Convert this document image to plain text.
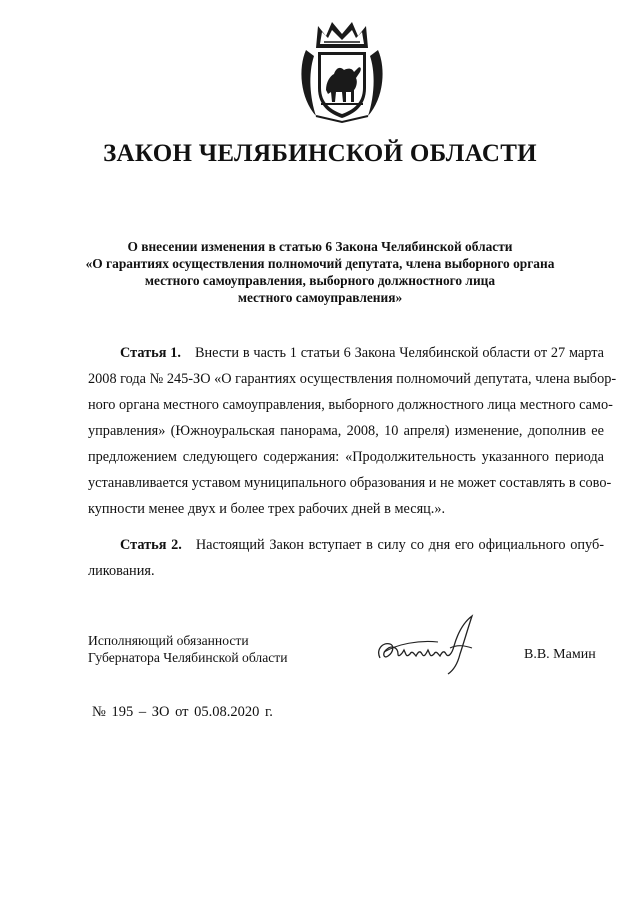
ЗАКОН ЧЕЛЯБИНСКОЙ ОБЛАСТИ
О внесении изменения в статью 6 Закона Челябинской области
«О гарантиях осуществления полномочий депутата, члена выборного органа
местного самоуправления, выборного должностного лица
местного самоуправления»
Статья 1. Внести в часть 1 статьи 6 Закона Челябинской области от 27 марта
2008 года № 245-ЗО «О гарантиях осуществления полномочий депутата, члена выбор-
ного органа местного самоуправления, выборного должностного лица местного само-
управления» (Южноуральская панорама, 2008, 10 апреля) изменение, дополнив ее
предложением следующего содержания: «Продолжительность указанного периода
устанавливается уставом муниципального образования и не может составлять в сово-
купности менее двух и более трех рабочих дней в месяц.».
Статья 2. Настоящий Закон вступает в силу со дня его официального опуб-
ликования.
Исполняющий обязанности
Губернатора Челябинской области	В.В. Мамин
№ 195 – ЗО от 05.08.2020 г.
